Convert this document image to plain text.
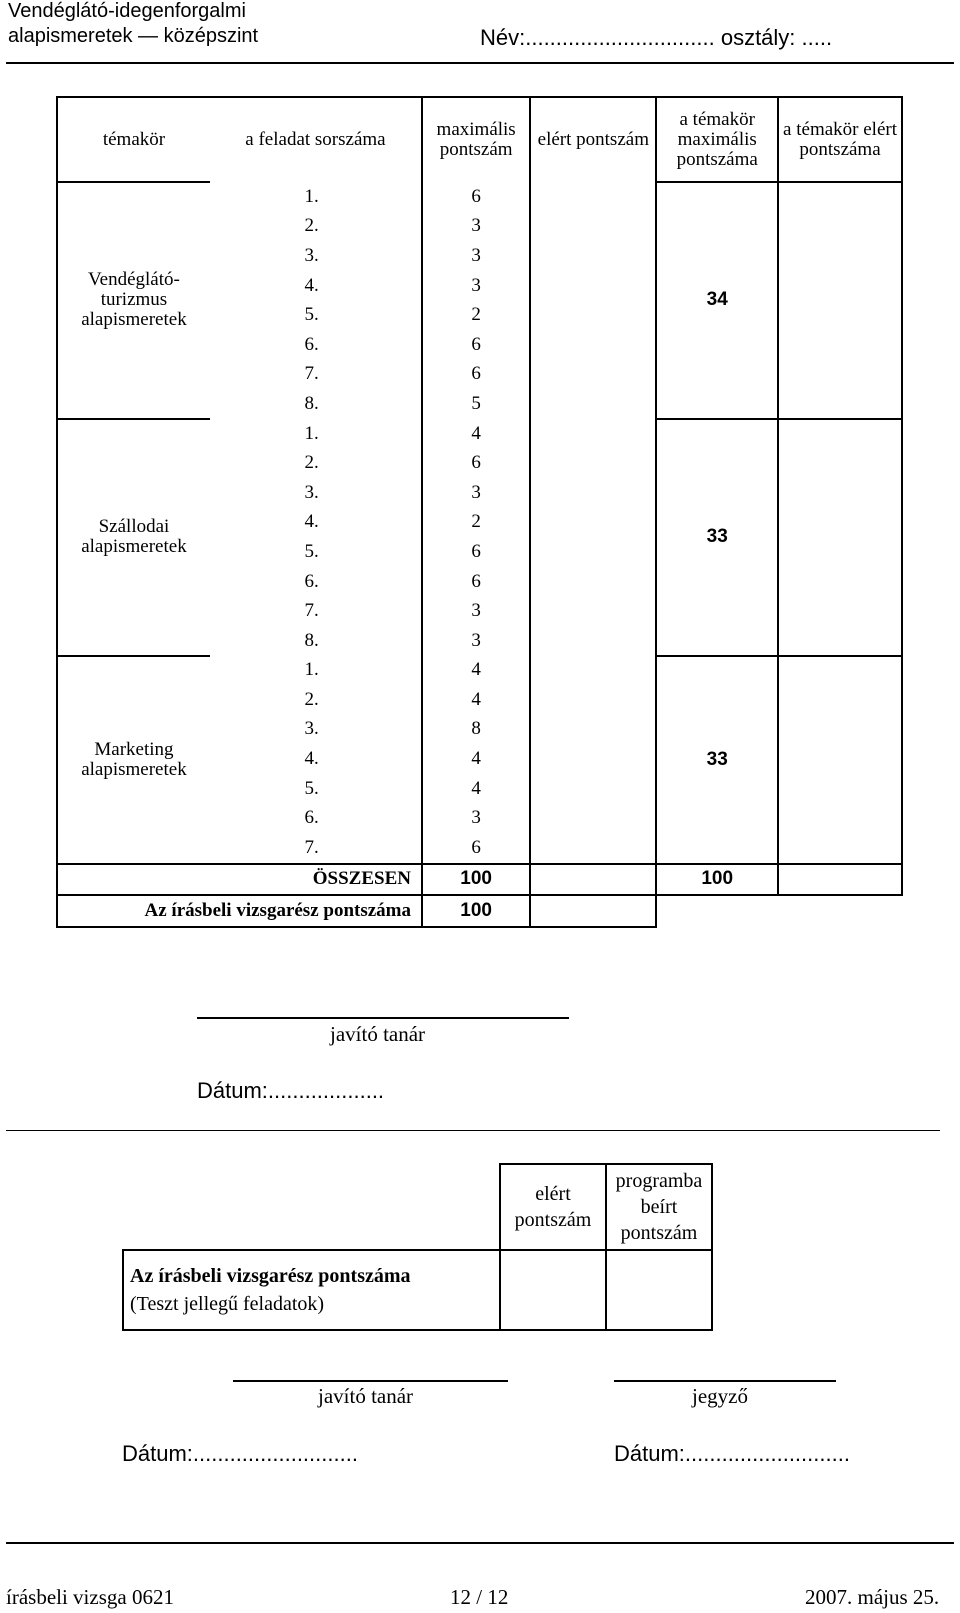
Vendéglátó-idegenforgalmi
alapismeretek — középszint	Név:............................... osztály: .....
témakör	a feladat sorszáma	maximális pontszám	elért pontszám	a témakör maximális pontszáma	a témakör elért pontszáma
Vendéglátó-turizmus alapismeretek	1.	6		34	
	2.	3			
	3.	3			
	4.	3			
	5.	2			
	6.	6			
	7.	6			
	8.	5			
Szállodai alapismeretek	1.	4		33	
	2.	6			
	3.	3			
	4.	2			
	5.	6			
	6.	6			
	7.	3			
	8.	3			
Marketing alapismeretek	1.	4		33	
	2.	4			
	3.	8			
	4.	4			
	5.	4			
	6.	3			
	7.	6			
ÖSSZESEN		100		100	
Az írásbeli vizsgarész pontszáma		100			
javító tanár
Dátum:...................
	elért pontszám	programba beírt pontszám
Az írásbeli vizsgarész pontszáma
(Teszt jellegű feladatok)		
javító tanár	jegyző
Dátum:...........................	Dátum:...........................
írásbeli vizsga 0621	12 / 12	2007. május 25.
